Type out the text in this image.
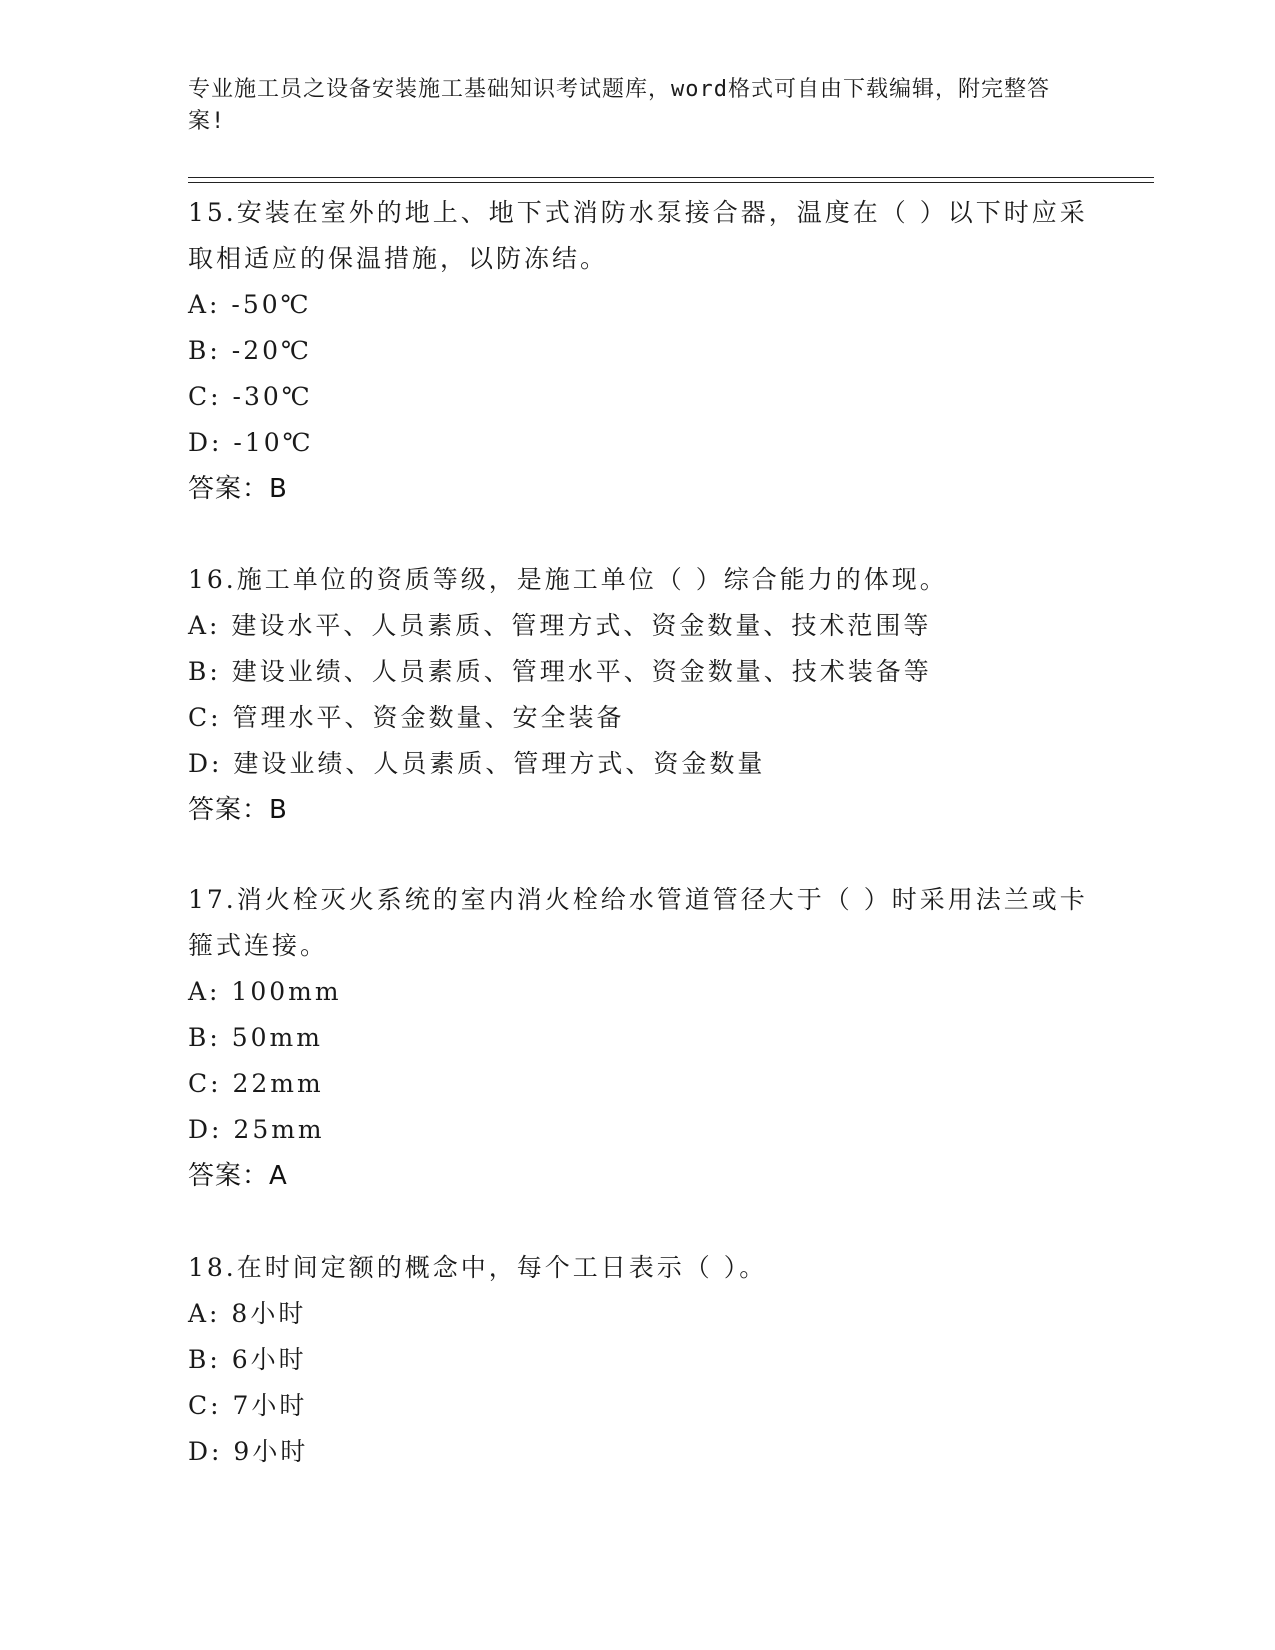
专业施工员之设备安装施工基础知识考试题库，word格式可自由下载编辑，附完整答案!

15.安装在室外的地上、地下式消防水泵接合器，温度在（ ）以下时应采取相适应的保温措施，以防冻结。

A: -50℃
B: -20℃
C: -30℃
D: -10℃
答案：B

16.施工单位的资质等级，是施工单位（ ）综合能力的体现。

A: 建设水平、人员素质、管理方式、资金数量、技术范围等
B: 建设业绩、人员素质、管理水平、资金数量、技术装备等
C: 管理水平、资金数量、安全装备
D: 建设业绩、人员素质、管理方式、资金数量
答案：B

17.消火栓灭火系统的室内消火栓给水管道管径大于（ ）时采用法兰或卡箍式连接。

A: 100mm
B: 50mm
C: 22mm
D: 25mm
答案：A

18.在时间定额的概念中，每个工日表示（ ）。

A: 8小时
B: 6小时
C: 7小时
D: 9小时
